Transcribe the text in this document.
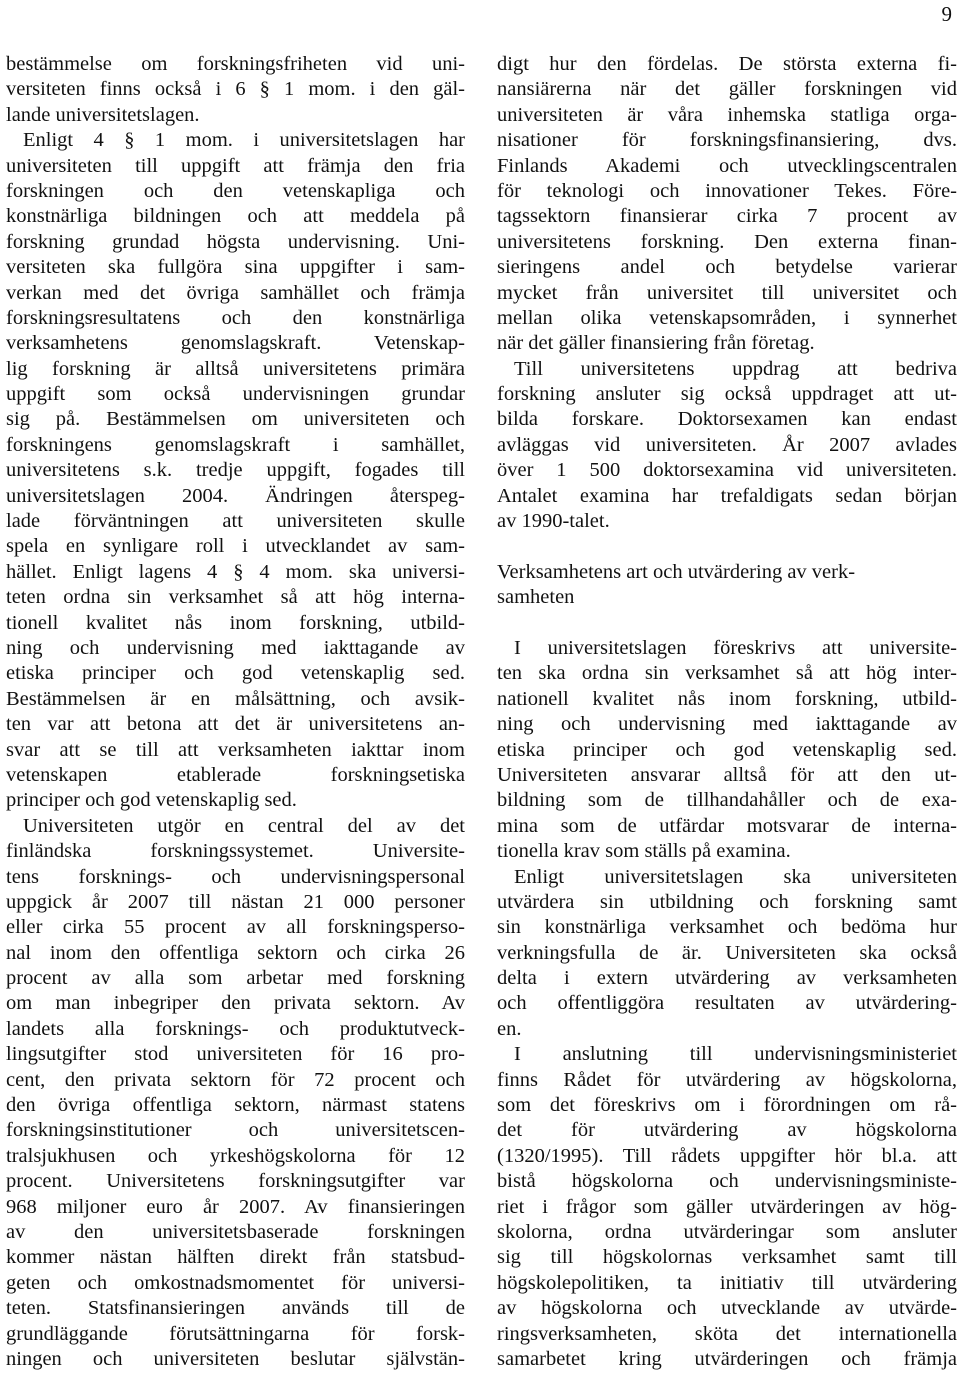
9
bestämmelse om forskningsfriheten vid uni-
versiteten finns också i 6 § 1 mom. i den gäl-
lande universitetslagen.
Enligt 4 § 1 mom. i universitetslagen har
universiteten till uppgift att främja den fria
forskningen och den vetenskapliga och
konstnärliga bildningen och att meddela på
forskning grundad högsta undervisning. Uni-
versiteten ska fullgöra sina uppgifter i sam-
verkan med det övriga samhället och främja
forskningsresultatens och den konstnärliga
verksamhetens genomslagskraft. Vetenskap-
lig forskning är alltså universitetens primära
uppgift som också undervisningen grundar
sig på. Bestämmelsen om universiteten och
forskningens genomslagskraft i samhället,
universitetens s.k. tredje uppgift, fogades till
universitetslagen 2004. Ändringen återspeg-
lade förväntningen att universiteten skulle
spela en synligare roll i utvecklandet av sam-
hället. Enligt lagens 4 § 4 mom. ska universi-
teten ordna sin verksamhet så att hög interna-
tionell kvalitet nås inom forskning, utbild-
ning och undervisning med iakttagande av
etiska principer och god vetenskaplig sed.
Bestämmelsen är en målsättning, och avsik-
ten var att betona att det är universitetens an-
svar att se till att verksamheten iakttar inom
vetenskapen etablerade forskningsetiska
principer och god vetenskaplig sed.
Universiteten utgör en central del av det
finländska forskningssystemet. Universite-
tens forsknings- och undervisningspersonal
uppgick år 2007 till nästan 21 000 personer
eller cirka 55 procent av all forskningsperso-
nal inom den offentliga sektorn och cirka 26
procent av alla som arbetar med forskning
om man inbegriper den privata sektorn. Av
landets alla forsknings- och produktutveck-
lingsutgifter stod universiteten för 16 pro-
cent, den privata sektorn för 72 procent och
den övriga offentliga sektorn, närmast statens
forskningsinstitutioner och universitetscen-
tralsjukhusen och yrkeshögskolorna för 12
procent. Universitetens forskningsutgifter var
968 miljoner euro år 2007. Av finansieringen
av den universitetsbaserade forskningen
kommer nästan hälften direkt från statsbud-
geten och omkostnadsmomentet för universi-
teten. Statsfinansieringen används till de
grundläggande förutsättningarna för forsk-
ningen och universiteten beslutar självstän-
digt hur den fördelas. De största externa fi-
nansiärerna när det gäller forskningen vid
universiteten är våra inhemska statliga orga-
nisationer för forskningsfinansiering, dvs.
Finlands Akademi och utvecklingscentralen
för teknologi och innovationer Tekes. Före-
tagssektorn finansierar cirka 7 procent av
universitetens forskning. Den externa finan-
sieringens andel och betydelse varierar
mycket från universitet till universitet och
mellan olika vetenskapsområden, i synnerhet
när det gäller finansiering från företag.
Till universitetens uppdrag att bedriva
forskning ansluter sig också uppdraget att ut-
bilda forskare. Doktorsexamen kan endast
avläggas vid universiteten. År 2007 avlades
över 1 500 doktorsexamina vid universiteten.
Antalet examina har trefaldigats sedan början
av 1990-talet.
Verksamhetens art och utvärdering av verk-
samheten
I universitetslagen föreskrivs att universite-
ten ska ordna sin verksamhet så att hög inter-
nationell kvalitet nås inom forskning, utbild-
ning och undervisning med iakttagande av
etiska principer och god vetenskaplig sed.
Universiteten ansvarar alltså för att den ut-
bildning som de tillhandahåller och de exa-
mina som de utfärdar motsvarar de interna-
tionella krav som ställs på examina.
Enligt universitetslagen ska universiteten
utvärdera sin utbildning och forskning samt
sin konstnärliga verksamhet och bedöma hur
verkningsfulla de är. Universiteten ska också
delta i extern utvärdering av verksamheten
och offentliggöra resultaten av utvärdering-
en.
I anslutning till undervisningsministeriet
finns Rådet för utvärdering av högskolorna,
som det föreskrivs om i förordningen om rå-
det för utvärdering av högskolorna
(1320/1995). Till rådets uppgifter hör bl.a. att
bistå högskolorna och undervisningsministe-
riet i frågor som gäller utvärderingen av hög-
skolorna, ordna utvärderingar som ansluter
sig till högskolornas verksamhet samt till
högskolepolitiken, ta initiativ till utvärdering
av högskolorna och utvecklande av utvärde-
ringsverksamheten, sköta det internationella
samarbetet kring utvärderingen och främja
